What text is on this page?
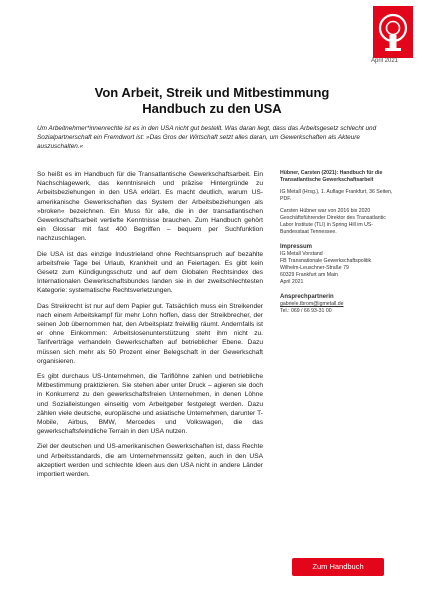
April 2021
Von Arbeit, Streik und Mitbestimmung
Handbuch zu den USA
Um Arbeitnehmer*innenrechte ist es in den USA nicht gut bestellt. Was daran liegt, dass das Arbeitsgesetz schlecht und Sozialpartnerschaft ein Fremdwort ist: »Das Gros der Wirtschaft setzt alles daran, um Gewerkschaften als Akteure auszuschalten.«

So heißt es im Handbuch für die Transatlantische Gewerkschaftsarbeit. Ein Nachschlagewerk, das kenntnisreich und präzise Hintergründe zu Arbeitsbeziehungen in den USA erklärt. Es macht deutlich, warum US-amerikanische Gewerkschaften das System der Arbeitsbeziehungen als »broken« bezeichnen. Ein Muss für alle, die in der transatlantischen Gewerkschaftsarbeit vertiefte Kenntnisse brauchen. Zum Handbuch gehört ein Glossar mit fast 400 Begriffen – bequem per Suchfunktion nachzuschlagen.

Die USA ist das einzige Industrieland ohne Rechtsanspruch auf bezahlte arbeitsfreie Tage bei Urlaub, Krankheit und an Feiertagen. Es gibt kein Gesetz zum Kündigungsschutz und auf dem Globalen Rechtsindex des Internationalen Gewerkschaftsbundes landen sie in der zweitschlechtesten Kategorie: systematische Rechtsverletzungen.

Das Streikrecht ist nur auf dem Papier gut. Tatsächlich muss ein Streikender nach einem Arbeitskampf für mehr Lohn hoffen, dass der Streikbrecher, der seinen Job übernommen hat, den Arbeitsplatz freiwillig räumt. Andernfalls ist er ohne Einkommen: Arbeitslosenunterstützung steht ihm nicht zu. Tarifverträge verhandeln Gewerkschaften auf betrieblicher Ebene. Dazu müssen sich mehr als 50 Prozent einer Belegschaft in der Gewerkschaft organisieren.

Es gibt durchaus US-Unternehmen, die Tariflöhne zahlen und betriebliche Mitbestimmung praktizieren. Sie stehen aber unter Druck – agieren sie doch in Konkurrenz zu den gewerkschaftsfreien Unternehmen, in denen Löhne und Sozialleistungen einseitig vom Arbeitgeber festgelegt werden. Dazu zählen viele deutsche, europäische und asiatische Unternehmen, darunter T-Mobile, Airbus, BMW, Mercedes und Volkswagen, die das gewerkschaftsfeindliche Terrain in den USA nutzen.

Ziel der deutschen und US-amerikanischen Gewerkschaften ist, dass Rechte und Arbeitsstandards, die am Unternehmenssitz gelten, auch in den USA akzeptiert werden und schlechte Ideen aus den USA nicht in andere Länder importiert werden.

Hübner, Carsten (2021): Handbuch für die Transatlantische Gewerkschaftsarbeit
IG Metall (Hrsg.), 1. Auflage Frankfurt, 36 Seiten, PDF.
Carsten Hübner war von 2016 bis 2020 Geschäftsführender Direktor des Transatlantic Labor Institute (TLI) in Spring Hill im US-Bundesstaat Tennessee.
Impressum
IG Metall Vorstand
FB Transnationale Gewerkschaftspolitik
Wilhelm-Leuschner-Straße 79
60329 Frankfurt am Main
April 2021
Ansprechpartnerin
gabriele.tbrom@igmetall.de
Tel.: 069 / 66 93-31 00
Zum Handbuch
